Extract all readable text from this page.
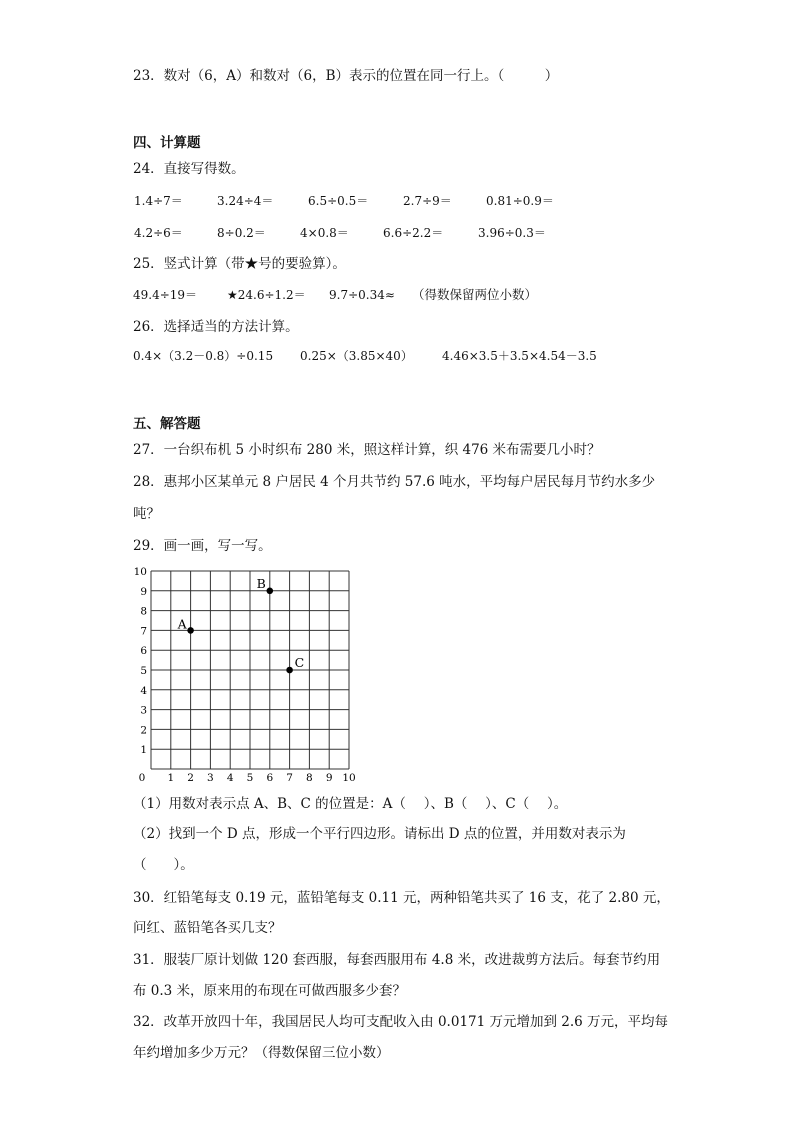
23．数对（6，A）和数对（6，B）表示的位置在同一行上。（　　　）
四、计算题
24．直接写得数。
1.4÷7＝	3.24÷4＝	6.5÷0.5＝	2.7÷9＝	0.81÷0.9＝
4.2÷6＝	8÷0.2＝	4×0.8＝	6.6÷2.2＝	3.96÷0.3＝
25．竖式计算（带★号的要验算）。
49.4÷19＝ ★24.6÷1.2＝ 9.7÷0.34≈ （得数保留两位小数）
26．选择适当的方法计算。
0.4×（3.2－0.8）÷0.15 0.25×（3.85×40） 4.46×3.5＋3.5×4.54－3.5
五、解答题
27．一台织布机 5 小时织布 280 米，照这样计算，织 476 米布需要几小时？
28．惠邦小区某单元 8 户居民 4 个月共节约 57.6 吨水，平均每户居民每月节约水多少
吨？
29．画一画，写一写。
0 1 2 3 4 5 6 7 8 9 10
1
2
3
4
5
6
7
8
9
10
A
B
C
（1）用数对表示点 A、B、C 的位置是：A（　 ）、B（　 ）、C（　 ）。
（2）找到一个 D 点，形成一个平行四边形。请标出 D 点的位置，并用数对表示为
（　　）。
30．红铅笔每支 0.19 元，蓝铅笔每支 0.11 元，两种铅笔共买了 16 支，花了 2.80 元，
问红、蓝铅笔各买几支？
31．服装厂原计划做 120 套西服，每套西服用布 4.8 米，改进裁剪方法后。每套节约用
布 0.3 米，原来用的布现在可做西服多少套？
32．改革开放四十年，我国居民人均可支配收入由 0.0171 万元增加到 2.6 万元，平均每
年约增加多少万元？（得数保留三位小数）
